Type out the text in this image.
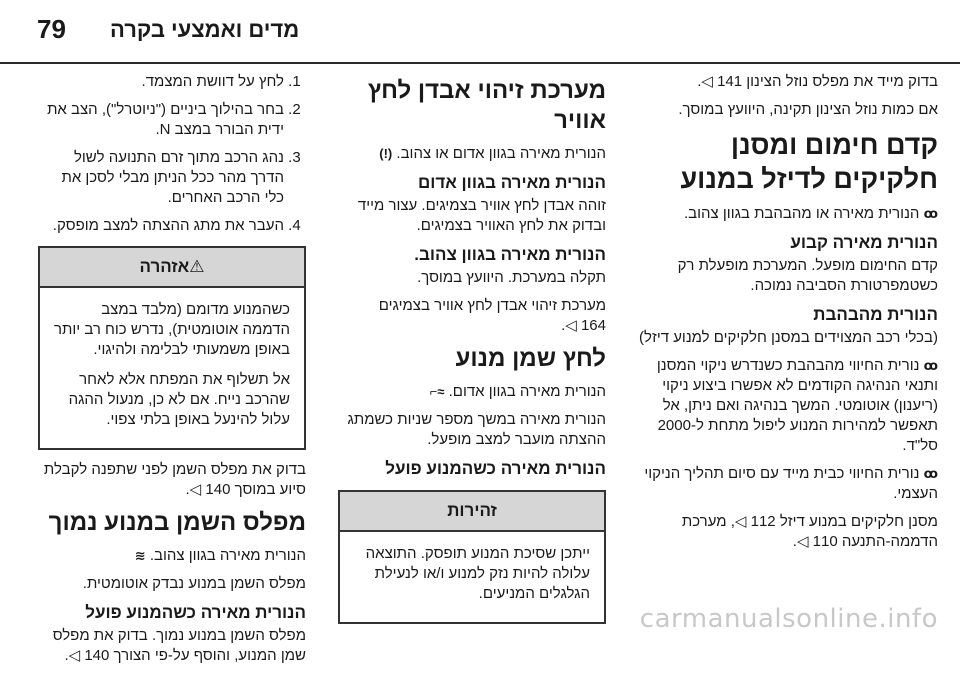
79 מדים ואמצעי בקרה

בדוק מייד את מפלס נוזל הצינון 141 ◁.

אם כמות נוזל הצינון תקינה, היוועץ במוסך.

קדם חימום ומסנן חלקיקים לדיזל במנוע

ꝏ הנורית מאירה או מהבהבת בגוון צהוב.

הנורית מאירה קבוע

קדם החימום מופעל. המערכת מופעלת רק כשטמפרטורת הסביבה נמוכה.

הנורית מהבהבת

(בכלי רכב המצוידים במסנן חלקיקים למנוע דיזל)

ꝏ נורית החיווי מהבהבת כשנדרש ניקוי המסנן ותנאי הנהיגה הקודמים לא אפשרו ביצוע ניקוי (ריענון) אוטומטי. המשך בנהיגה ואם ניתן, אל תאפשר למהירות המנוע ליפול מתחת ל-2000 סל"ד.

ꝏ נורית החיווי כבית מייד עם סיום תהליך הניקוי העצמי.

מסנן חלקיקים במנוע דיזל 112 ◁, מערכת הדממה-התנעה 110 ◁.

מערכת זיהוי אבדן לחץ אוויר

הנורית מאירה בגוון אדום או צהוב. (!)

הנורית מאירה בגוון אדום

זוהה אבדן לחץ אוויר בצמיגים. עצור מייד ובדוק את לחץ האוויר בצמיגים.

הנורית מאירה בגוון צהוב.

תקלה במערכת. היוועץ במוסך.

מערכת זיהוי אבדן לחץ אוויר בצמיגים 164 ◁.

לחץ שמן מנוע

הנורית מאירה בגוון אדום. ≈⌐

הנורית מאירה במשך מספר שניות כשמתג ההצתה מועבר למצב מופעל.

הנורית מאירה כשהמנוע פועל
זהירות

ייתכן שסיכת המנוע תופסק. התוצאה עלולה להיות נזק למנוע ו/או לנעילת הגלגלים המניעים.

1. לחץ על דוושת המצמד.
2. בחר בהילוך ביניים ("ניוטרל"), הצב את ידית הבורר במצב N.
3. נהג הרכב מתוך זרם התנועה לשול הדרך מהר ככל הניתן מבלי לסכן את כלי הרכב האחרים.
4. העבר את מתג ההצתה למצב מופסק.
⚠אזהרה

כשהמנוע מדומם (מלבד במצב הדממה אוטומטית), נדרש כוח רב יותר באופן משמעותי לבלימה ולהיגוי.

אל תשלוף את המפתח אלא לאחר שהרכב נייח. אם לא כן, מנעול ההגה עלול להינעל באופן בלתי צפוי.

בדוק את מפלס השמן לפני שתפנה לקבלת סיוע במוסך 140 ◁.

מפלס השמן במנוע נמוך

הנורית מאירה בגוון צהוב. ≋

מפלס השמן במנוע נבדק אוטומטית.

הנורית מאירה כשהמנוע פועל

מפלס השמן במנוע נמוך. בדוק את מפלס שמן המנוע, והוסף על-פי הצורך 140 ◁.

carmanualsonline.info
